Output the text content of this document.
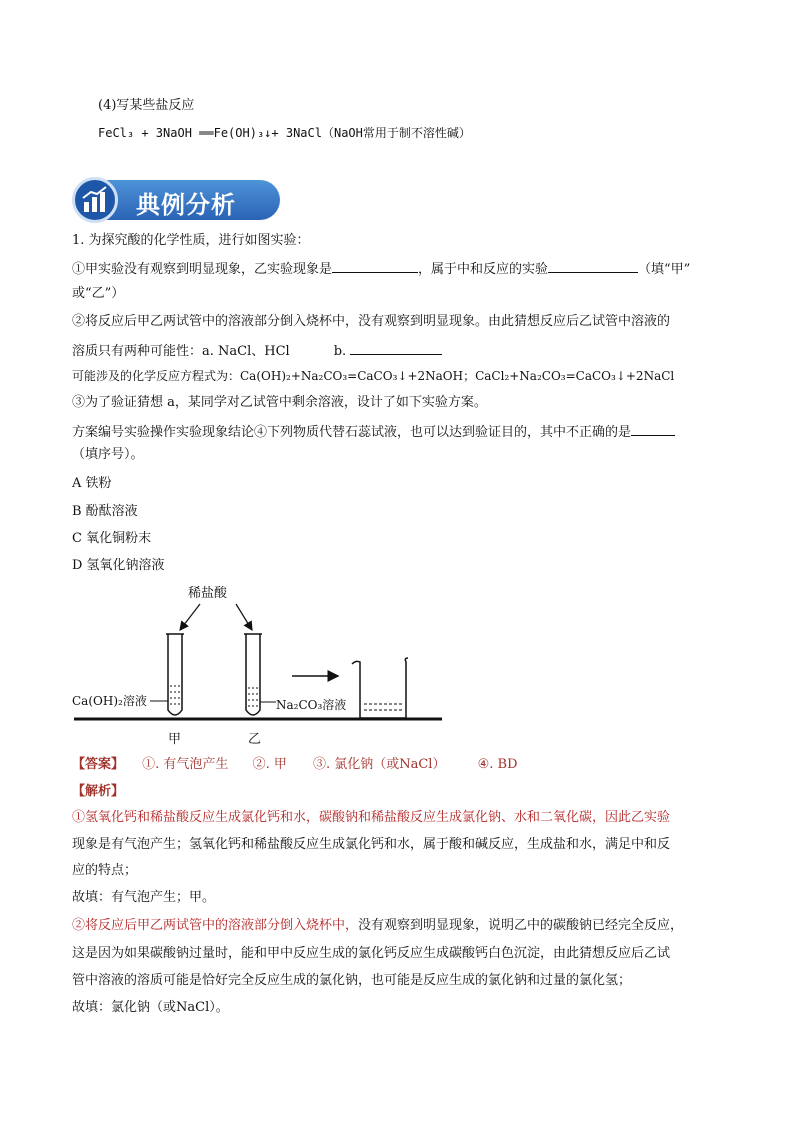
(4)写某些盐反应
FeCl₃ + 3NaOH ══Fe(OH)₃↓+ 3NaCl（NaOH常用于制不溶性碱）
典例分析
1. 为探究酸的化学性质，进行如图实验：
①甲实验没有观察到明显现象，乙实验现象是	，属于中和反应的实验	（填“甲”
或“乙”）
②将反应后甲乙两试管中的溶液部分倒入烧杯中，没有观察到明显现象。由此猜想反应后乙试管中溶液的
溶质只有两种可能性：a. NaCl、HCl	b.
可能涉及的化学反应方程式为：Ca(OH)₂+Na₂CO₃=CaCO₃↓+2NaOH；CaCl₂+Na₂CO₃=CaCO₃↓+2NaCl
③为了验证猜想 a，某同学对乙试管中剩余溶液，设计了如下实验方案。
方案编号实验操作实验现象结论④下列物质代替石蕊试液，也可以达到验证目的，其中不正确的是
（填序号）。
A 铁粉
B 酚酞溶液
C 氧化铜粉末
D 氢氧化钠溶液
稀盐酸
Ca(OH)₂溶液	Na₂CO₃溶液
甲	乙
【答案】 ①. 有气泡产生 ②. 甲 ③. 氯化钠（或NaCl） ④. BD
【解析】
①氢氧化钙和稀盐酸反应生成氯化钙和水，碳酸钠和稀盐酸反应生成氯化钠、水和二氧化碳，因此乙实验
现象是有气泡产生；氢氧化钙和稀盐酸反应生成氯化钙和水，属于酸和碱反应，生成盐和水，满足中和反
应的特点；
故填：有气泡产生；甲。
②将反应后甲乙两试管中的溶液部分倒入烧杯中，没有观察到明显现象，说明乙中的碳酸钠已经完全反应，
这是因为如果碳酸钠过量时，能和甲中反应生成的氯化钙反应生成碳酸钙白色沉淀，由此猜想反应后乙试
管中溶液的溶质可能是恰好完全反应生成的氯化钠，也可能是反应生成的氯化钠和过量的氯化氢；
故填：氯化钠（或NaCl）。
